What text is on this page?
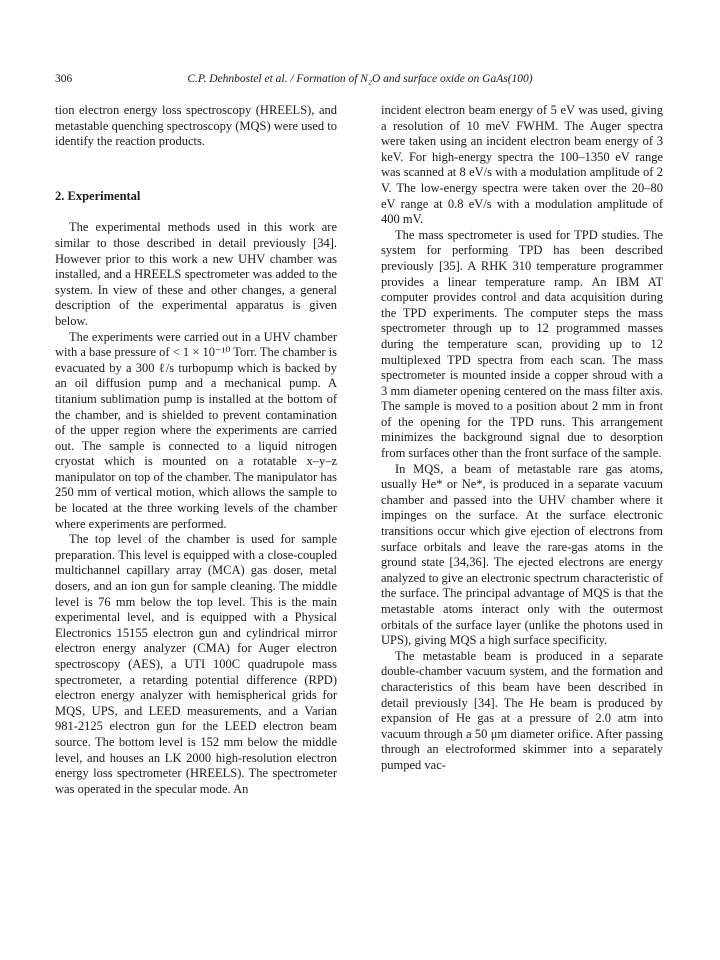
306	C.P. Dehnbostel et al. / Formation of N₂O and surface oxide on GaAs(100)

tion electron energy loss spectroscopy (HREELS), and metastable quenching spectroscopy (MQS) were used to identify the reaction products.

2. Experimental

The experimental methods used in this work are similar to those described in detail previously [34]. However prior to this work a new UHV chamber was installed, and a HREELS spectrometer was added to the system. In view of these and other changes, a general description of the experimental apparatus is given below.

The experiments were carried out in a UHV chamber with a base pressure of < 1 × 10⁻¹⁰ Torr. The chamber is evacuated by a 300 ℓ/s turbopump which is backed by an oil diffusion pump and a mechanical pump. A titanium sublimation pump is installed at the bottom of the chamber, and is shielded to prevent contamination of the upper region where the experiments are carried out. The sample is connected to a liquid nitrogen cryostat which is mounted on a rotatable x–y–z manipulator on top of the chamber. The manipulator has 250 mm of vertical motion, which allows the sample to be located at the three working levels of the chamber where experiments are performed.

The top level of the chamber is used for sample preparation. This level is equipped with a close-coupled multichannel capillary array (MCA) gas doser, metal dosers, and an ion gun for sample cleaning. The middle level is 76 mm below the top level. This is the main experimental level, and is equipped with a Physical Electronics 15155 electron gun and cylindrical mirror electron energy analyzer (CMA) for Auger electron spectroscopy (AES), a UTI 100C quadrupole mass spectrometer, a retarding potential difference (RPD) electron energy analyzer with hemispherical grids for MQS, UPS, and LEED measurements, and a Varian 981-2125 electron gun for the LEED electron beam source. The bottom level is 152 mm below the middle level, and houses an LK 2000 high-resolution electron energy loss spectrometer (HREELS). The spectrometer was operated in the specular mode. An

incident electron beam energy of 5 eV was used, giving a resolution of 10 meV FWHM. The Auger spectra were taken using an incident electron beam energy of 3 keV. For high-energy spectra the 100–1350 eV range was scanned at 8 eV/s with a modulation amplitude of 2 V. The low-energy spectra were taken over the 20–80 eV range at 0.8 eV/s with a modulation amplitude of 400 mV.

The mass spectrometer is used for TPD studies. The system for performing TPD has been described previously [35]. A RHK 310 temperature programmer provides a linear temperature ramp. An IBM AT computer provides control and data acquisition during the TPD experiments. The computer steps the mass spectrometer through up to 12 programmed masses during the temperature scan, providing up to 12 multiplexed TPD spectra from each scan. The mass spectrometer is mounted inside a copper shroud with a 3 mm diameter opening centered on the mass filter axis. The sample is moved to a position about 2 mm in front of the opening for the TPD runs. This arrangement minimizes the background signal due to desorption from surfaces other than the front surface of the sample.

In MQS, a beam of metastable rare gas atoms, usually He* or Ne*, is produced in a separate vacuum chamber and passed into the UHV chamber where it impinges on the surface. At the surface electronic transitions occur which give ejection of electrons from surface orbitals and leave the rare-gas atoms in the ground state [34,36]. The ejected electrons are energy analyzed to give an electronic spectrum characteristic of the surface. The principal advantage of MQS is that the metastable atoms interact only with the outermost orbitals of the surface layer (unlike the photons used in UPS), giving MQS a high surface specificity.

The metastable beam is produced in a separate double-chamber vacuum system, and the formation and characteristics of this beam have been described in detail previously [34]. The He beam is produced by expansion of He gas at a pressure of 2.0 atm into vacuum through a 50 μm diameter orifice. After passing through an electroformed skimmer into a separately pumped vac-
